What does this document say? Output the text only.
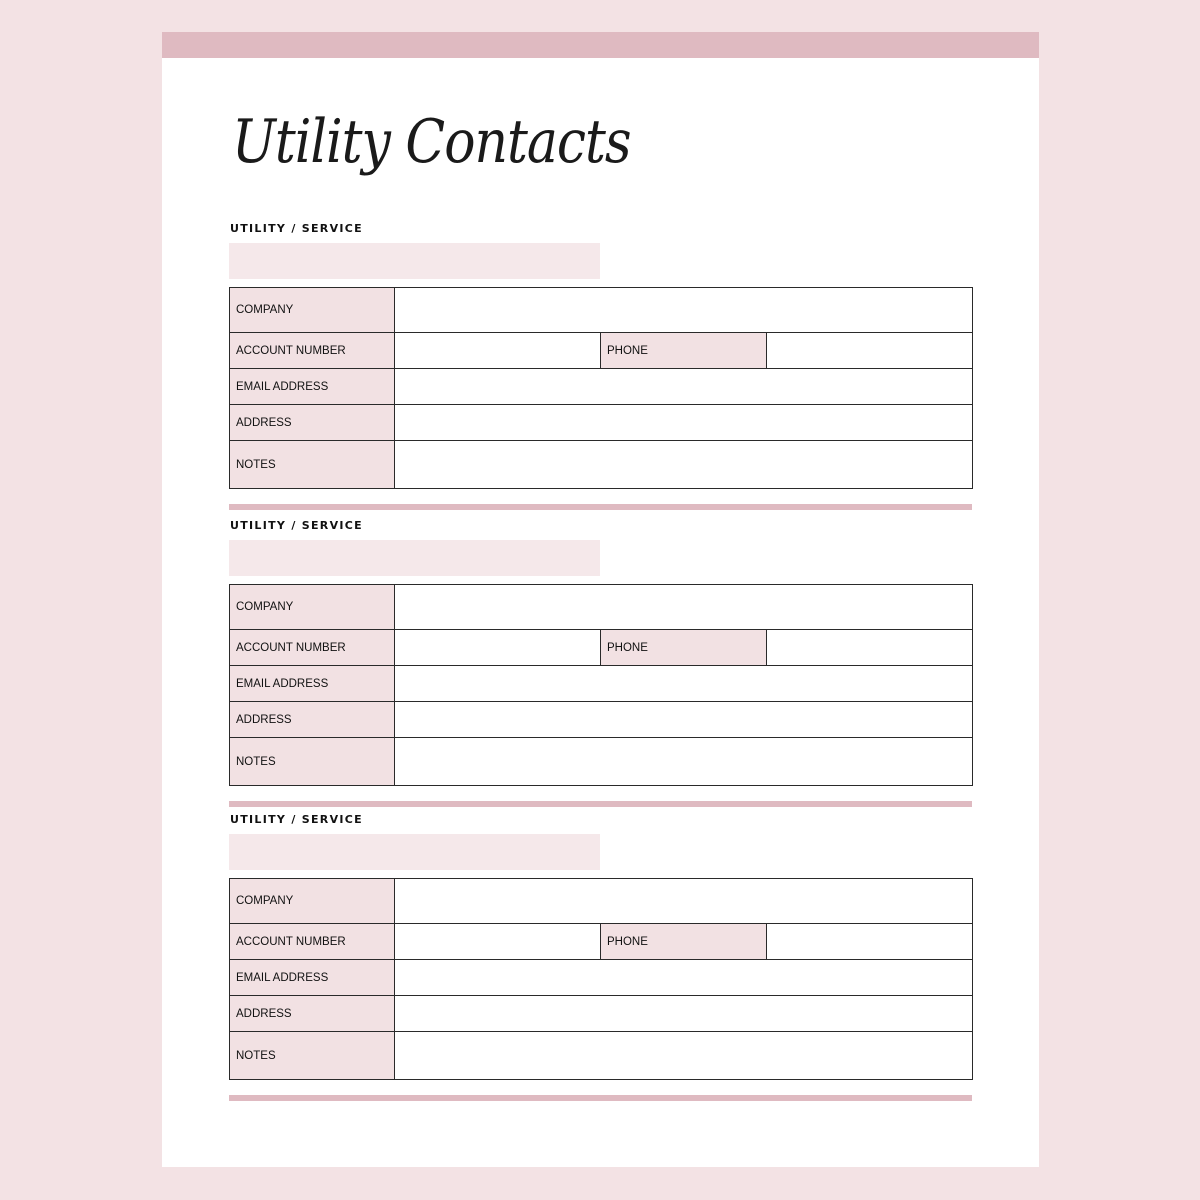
Utility Contacts
UTILITY / SERVICE
COMPANY			
ACCOUNT NUMBER		PHONE	
EMAIL ADDRESS			
ADDRESS			
NOTES			
UTILITY / SERVICE
COMPANY			
ACCOUNT NUMBER		PHONE	
EMAIL ADDRESS			
ADDRESS			
NOTES			
UTILITY / SERVICE
COMPANY			
ACCOUNT NUMBER		PHONE	
EMAIL ADDRESS			
ADDRESS			
NOTES			
